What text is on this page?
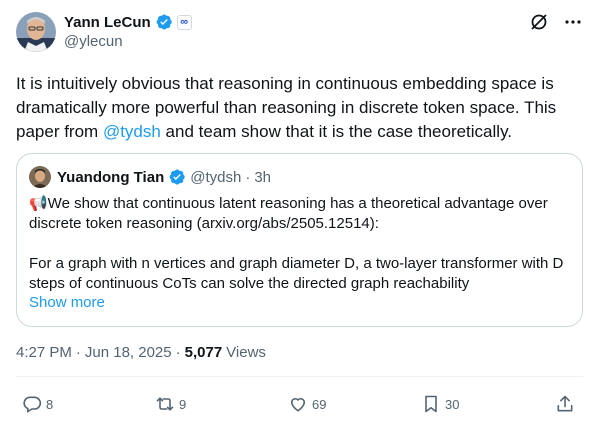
Yann LeCun	∞
@ylecun
It is intuitively obvious that reasoning in continuous embedding space is dramatically more powerful than reasoning in discrete token space. This paper from @tydsh and team show that it is the case theoretically.
Yuandong Tian @tydsh · 3h

📢We show that continuous latent reasoning has a theoretical advantage over discrete token reasoning (arxiv.org/abs/2505.12514):

For a graph with n vertices and graph diameter D, a two-layer transformer with D steps of continuous CoTs can solve the directed graph reachability

Show more
4:27 PM · Jun 18, 2025 · 5,077 Views
8	9	69	30
